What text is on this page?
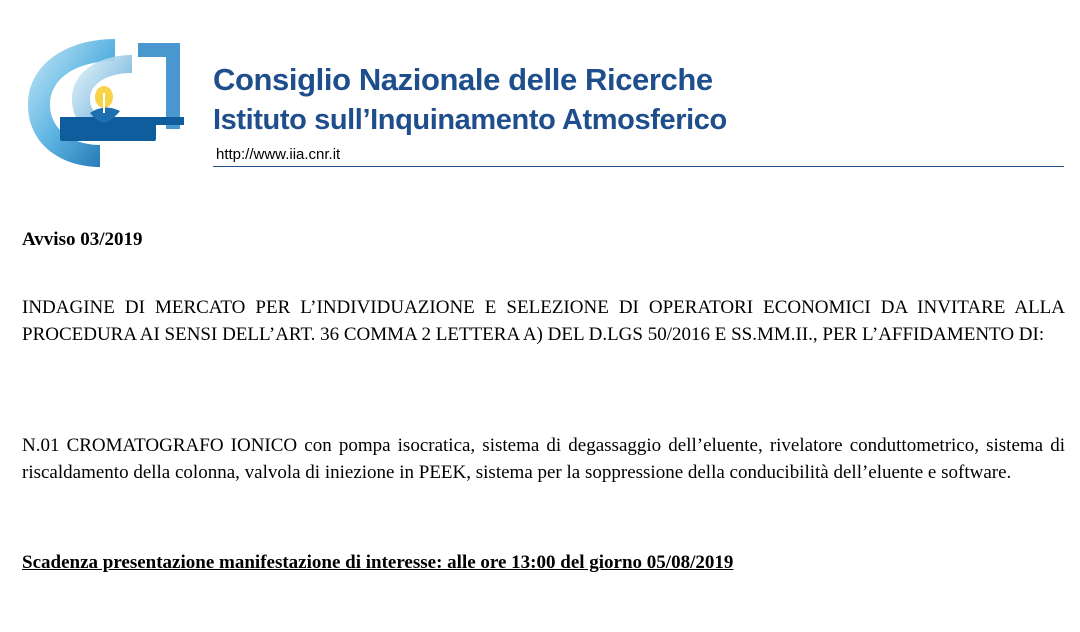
CNR-IIA
Consiglio Nazionale delle Ricerche
Istituto sull’Inquinamento Atmosferico
http://www.iia.cnr.it

Avviso 03/2019

INDAGINE DI MERCATO PER L’INDIVIDUAZIONE E SELEZIONE DI OPERATORI ECONOMICI DA INVITARE ALLA PROCEDURA AI SENSI DELL’ART. 36 COMMA 2 LETTERA A) DEL D.LGS 50/2016 E SS.MM.II., PER L’AFFIDAMENTO DI:

N.01 CROMATOGRAFO IONICO con pompa isocratica, sistema di degassaggio dell’eluente, rivelatore conduttometrico, sistema di riscaldamento della colonna, valvola di iniezione in PEEK, sistema per la soppressione della conducibilità dell’eluente e software.

Scadenza presentazione manifestazione di interesse: alle ore 13:00 del giorno 05/08/2019
